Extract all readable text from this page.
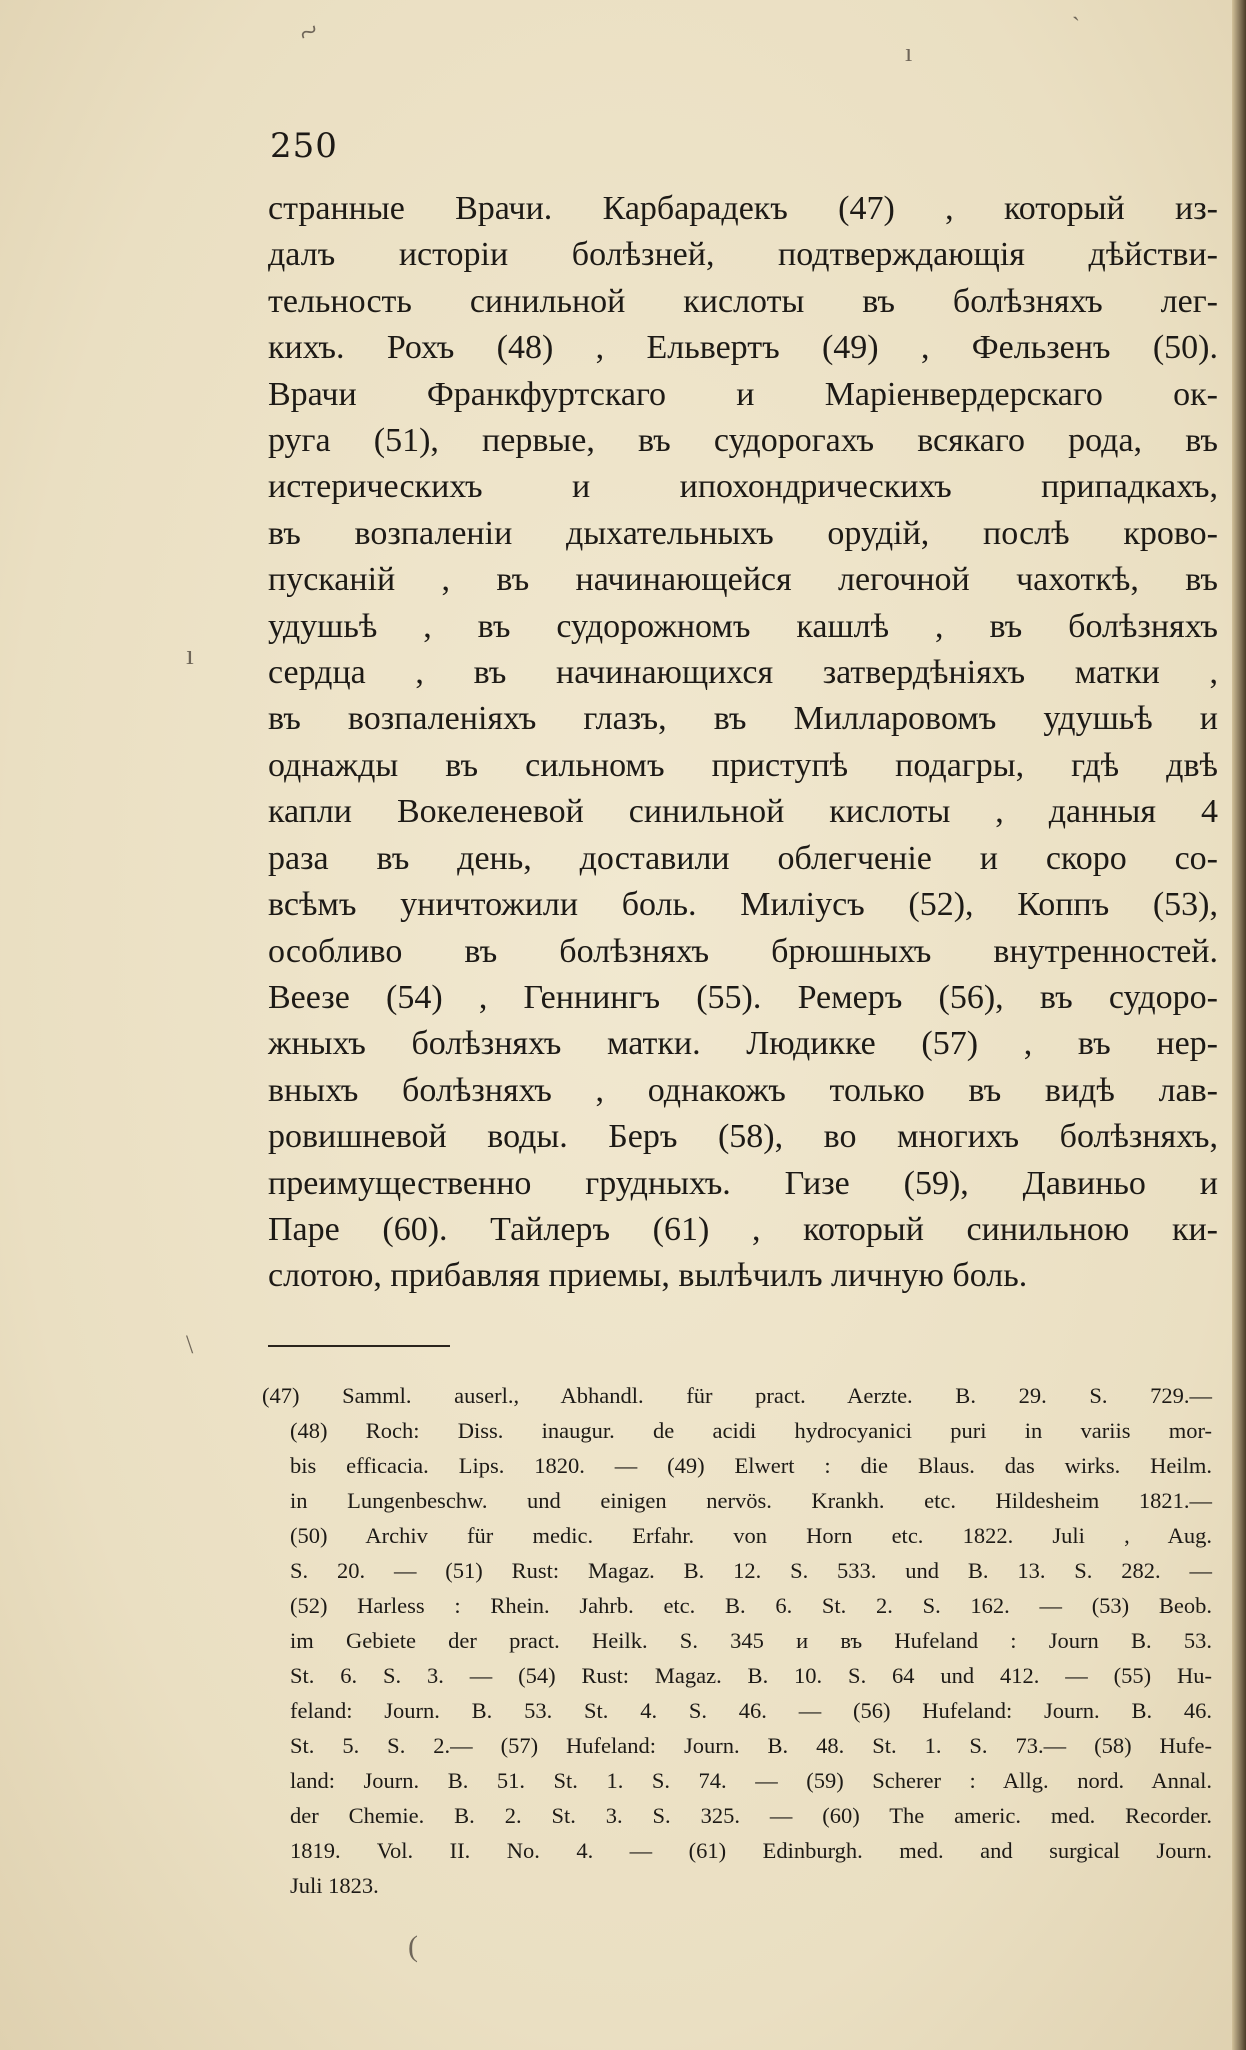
~	ı
ˋ
ı
\
250
странные Врачи. Карбарадекъ (47) , который из-
далъ исторіи болѣзней, подтверждающія дѣйстви-
тельность синильной кислоты въ болѣзняхъ лег-
кихъ. Рохъ (48) , Ельвертъ (49) , Фельзенъ (50).
Врачи Франкфуртскаго и Маріенвердерскаго ок-
руга (51), первые, въ судорогахъ всякаго рода, въ
истерическихъ и ипохондрическихъ припадкахъ,
въ возпаленіи дыхательныхъ орудій, послѣ крово-
пусканій , въ начинающейся легочной чахоткѣ, въ
удушьѣ , въ судорожномъ кашлѣ , въ болѣзняхъ
сердца , въ начинающихся затвердѣніяхъ матки ,
въ возпаленіяхъ глазъ, въ Милларовомъ удушьѣ и
однажды въ сильномъ приступѣ подагры, гдѣ двѣ
капли Вокеленевой синильной кислоты , данныя 4
раза въ день, доставили облегченіе и скоро со-
всѣмъ уничтожили боль. Милiусъ (52), Коппъ (53),
особливо въ болѣзняхъ брюшныхъ внутренностей.
Веезе (54) , Геннингъ (55). Ремеръ (56), въ судоро-
жныхъ болѣзняхъ матки. Людикке (57) , въ нер-
вныхъ болѣзняхъ , однакожъ только въ видѣ лав-
ровишневой воды. Беръ (58), во многихъ болѣзняхъ,
преимущественно грудныхъ. Гизе (59), Давиньо и
Паре (60). Тайлеръ (61) , который синильною ки-
слотою, прибавляя приемы, вылѣчилъ личную боль.
(47) Samml. auserl., Abhandl. für pract. Aerzte. B. 29. S. 729.—
(48) Roch: Diss. inaugur. de acidi hydrocyanici puri in variis mor-
bis efficacia. Lips. 1820. — (49) Elwert : die Blaus. das wirks. Heilm.
in Lungenbeschw. und einigen nervös. Krankh. etc. Hildesheim 1821.—
(50) Archiv für medic. Erfahr. von Horn etc. 1822. Juli , Aug.
S. 20. — (51) Rust: Magaz. B. 12. S. 533. und B. 13. S. 282. —
(52) Harless : Rhein. Jahrb. etc. B. 6. St. 2. S. 162. — (53) Beob.
im Gebiete der pract. Heilk. S. 345 и въ Hufeland : Journ B. 53.
St. 6. S. 3. — (54) Rust: Magaz. B. 10. S. 64 und 412. — (55) Hu-
feland: Journ. B. 53. St. 4. S. 46. — (56) Hufeland: Journ. B. 46.
St. 5. S. 2.— (57) Hufeland: Journ. B. 48. St. 1. S. 73.— (58) Hufe-
land: Journ. B. 51. St. 1. S. 74. — (59) Scherer : Allg. nord. Annal.
der Chemie. B. 2. St. 3. S. 325. — (60) The americ. med. Recorder.
1819. Vol. II. No. 4. — (61) Edinburgh. med. and surgical Journ.
Juli 1823.
(
